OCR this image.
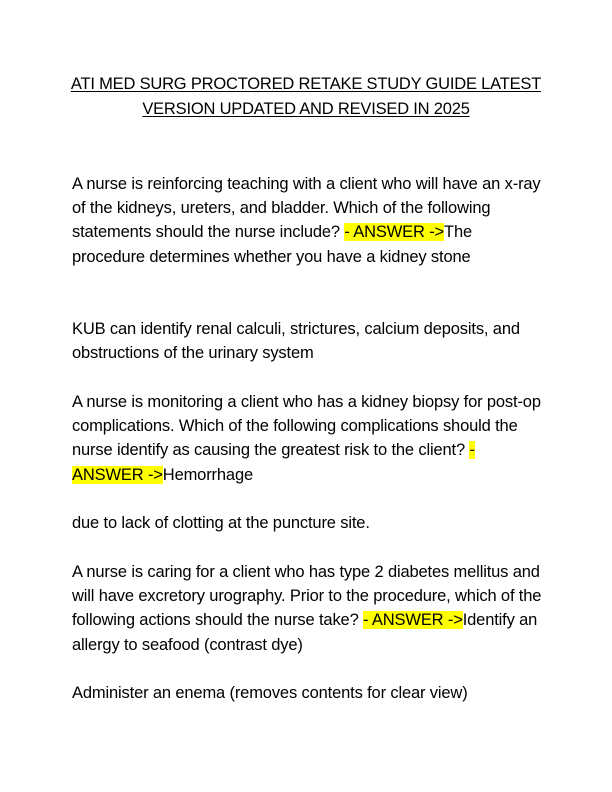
ATI MED SURG PROCTORED RETAKE STUDY GUIDE LATEST
VERSION UPDATED AND REVISED IN 2025
A nurse is reinforcing teaching with a client who will have an x-ray of the kidneys, ureters, and bladder. Which of the following statements should the nurse include? - ANSWER ->The procedure determines whether you have a kidney stone
KUB can identify renal calculi, strictures, calcium deposits, and obstructions of the urinary system
A nurse is monitoring a client who has a kidney biopsy for post-op complications. Which of the following complications should the nurse identify as causing the greatest risk to the client? - ANSWER ->Hemorrhage
due to lack of clotting at the puncture site.
A nurse is caring for a client who has type 2 diabetes mellitus and will have excretory urography. Prior to the procedure, which of the following actions should the nurse take? - ANSWER ->Identify an allergy to seafood (contrast dye)
Administer an enema (removes contents for clear view)
